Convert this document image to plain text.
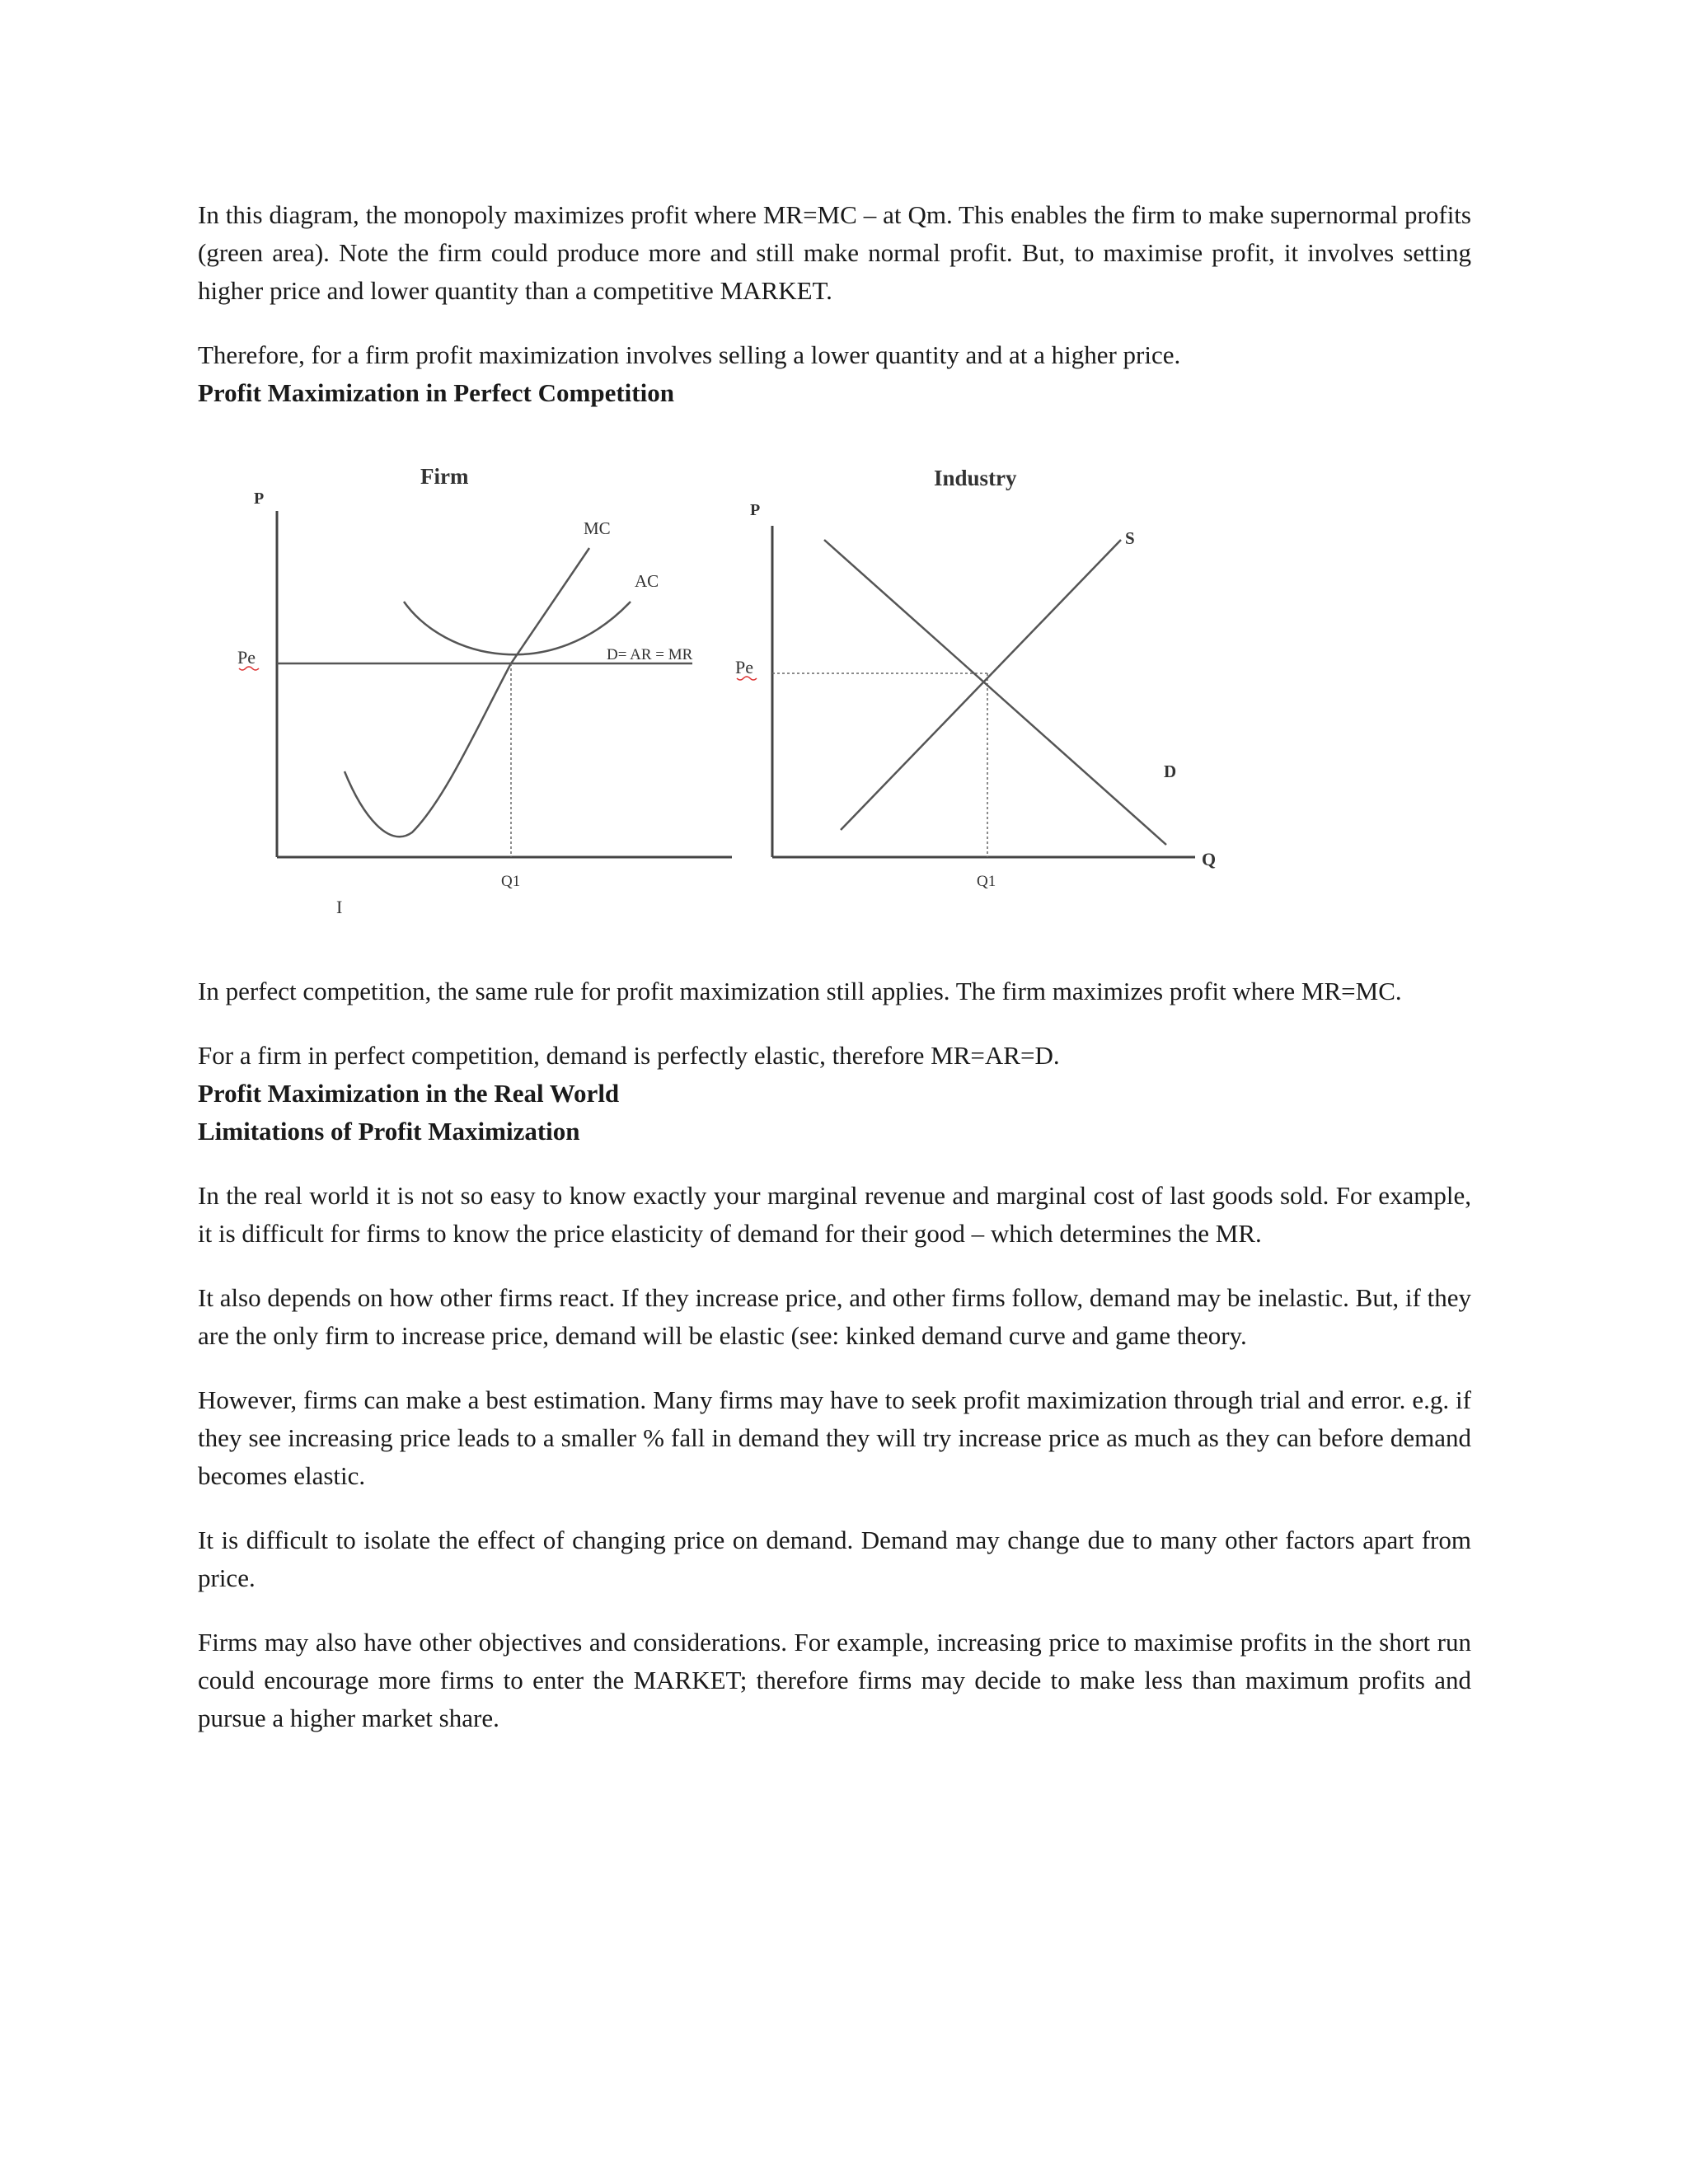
In this diagram, the monopoly maximizes profit where MR=MC – at Qm. This enables the firm to make supernormal profits (green area). Note the firm could produce more and still make normal profit. But, to maximise profit, it involves setting higher price and lower quantity than a competitive MARKET.

Therefore, for a firm profit maximization involves selling a lower quantity and at a higher price.

Profit Maximization in Perfect Competition

Firm
P
Pe	D= AR = MR
MC
AC
Q1
I
Industry
P
Q
Pe
S
D
Q1

In perfect competition, the same rule for profit maximization still applies. The firm maximizes profit where MR=MC.

For a firm in perfect competition, demand is perfectly elastic, therefore MR=AR=D.

Profit Maximization in the Real World

Limitations of Profit Maximization

In the real world it is not so easy to know exactly your marginal revenue and marginal cost of last goods sold. For example, it is difficult for firms to know the price elasticity of demand for their good – which determines the MR.

It also depends on how other firms react. If they increase price, and other firms follow, demand may be inelastic. But, if they are the only firm to increase price, demand will be elastic (see: kinked demand curve and game theory.

However, firms can make a best estimation. Many firms may have to seek profit maximization through trial and error. e.g. if they see increasing price leads to a smaller % fall in demand they will try increase price as much as they can before demand becomes elastic.

It is difficult to isolate the effect of changing price on demand. Demand may change due to many other factors apart from price.

Firms may also have other objectives and considerations. For example, increasing price to maximise profits in the short run could encourage more firms to enter the MARKET; therefore firms may decide to make less than maximum profits and pursue a higher market share.
